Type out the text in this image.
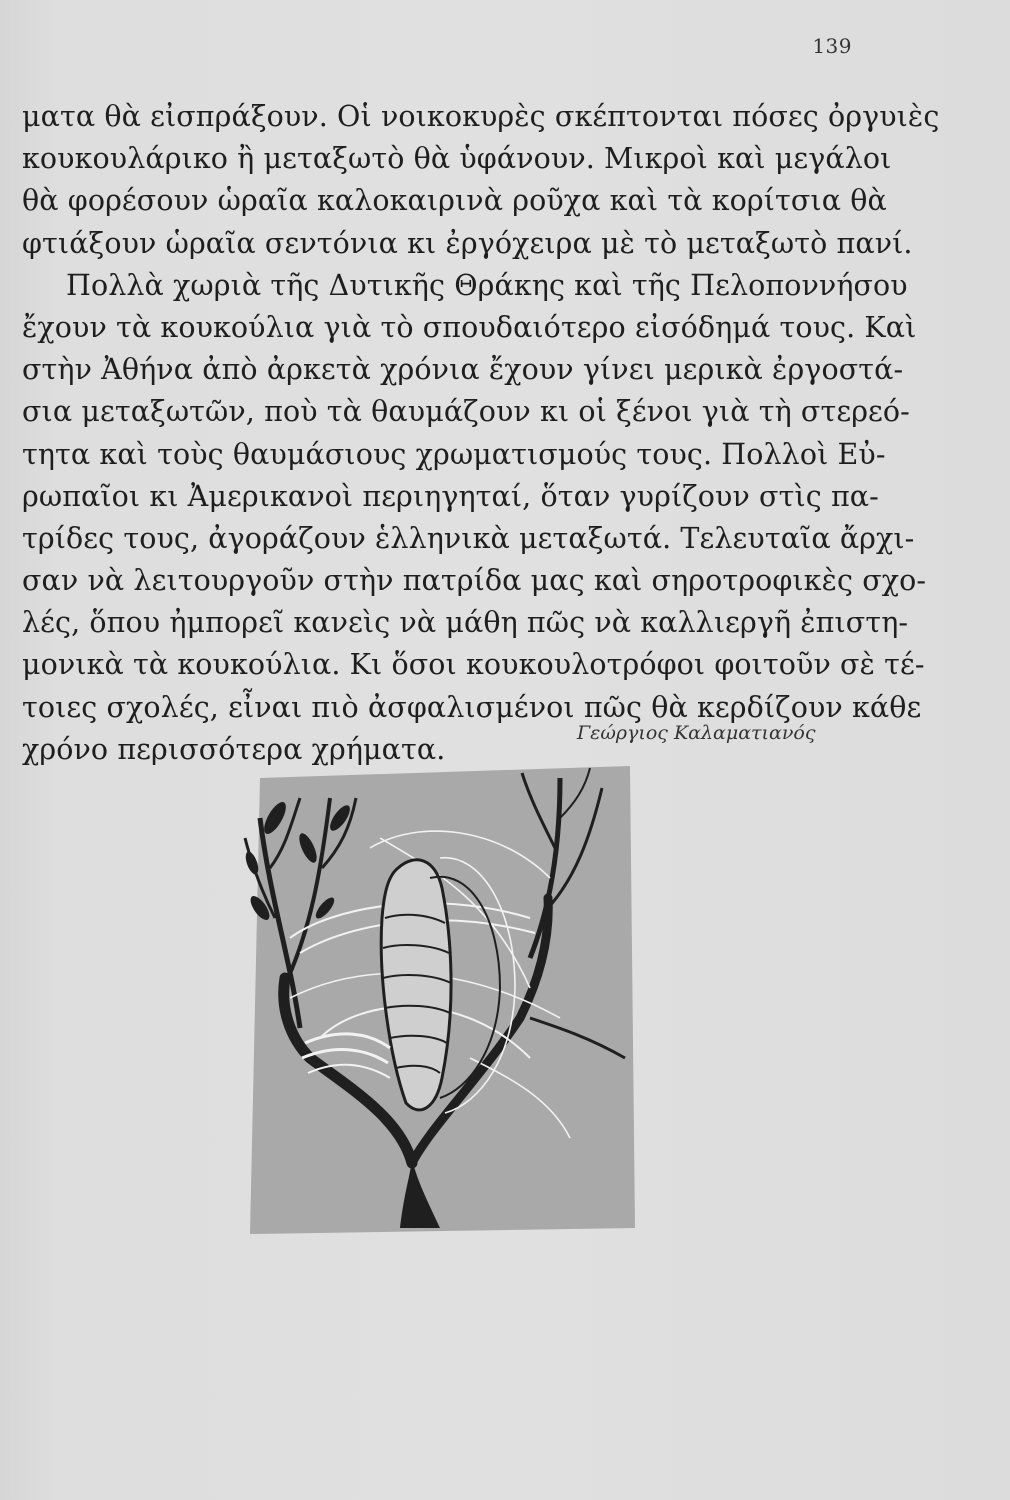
139
ματα θὰ εἰσπράξουν. Οἱ νοικοκυρὲς σκέπτονται πόσες ὀργυιὲς
κουκουλάρικο ἢ μεταξωτὸ θὰ ὑφάνουν. Μικροὶ καὶ μεγάλοι
θὰ φορέσουν ὡραῖα καλοκαιρινὰ ροῦχα καὶ τὰ κορίτσια θὰ
φτιάξουν ὡραῖα σεντόνια κι ἐργόχειρα μὲ τὸ μεταξωτὸ πανί.
Πολλὰ χωριὰ τῆς Δυτικῆς Θράκης καὶ τῆς Πελοποννήσου
ἔχουν τὰ κουκούλια γιὰ τὸ σπουδαιότερο εἰσόδημά τους. Καὶ
στὴν Ἀθήνα ἀπὸ ἀρκετὰ χρόνια ἔχουν γίνει μερικὰ ἐργοστά-
σια μεταξωτῶν, ποὺ τὰ θαυμάζουν κι οἱ ξένοι γιὰ τὴ στερεό-
τητα καὶ τοὺς θαυμάσιους χρωματισμούς τους. Πολλοὶ Εὐ-
ρωπαῖοι κι Ἀμερικανοὶ περιηγηταί, ὅταν γυρίζουν στὶς πα-
τρίδες τους, ἀγοράζουν ἑλληνικὰ μεταξωτά. Τελευταῖα ἄρχι-
σαν νὰ λειτουργοῦν στὴν πατρίδα μας καὶ σηροτροφικὲς σχο-
λές, ὅπου ἠμπορεῖ κανεὶς νὰ μάθη πῶς νὰ καλλιεργῆ ἐπιστη-
μονικὰ τὰ κουκούλια. Κι ὅσοι κουκουλοτρόφοι φοιτοῦν σὲ τέ-
τοιες σχολές, εἶναι πιὸ ἀσφαλισμένοι πῶς θὰ κερδίζουν κάθε
χρόνο περισσότερα χρήματα.	Γεώργιος Καλαματιανός
